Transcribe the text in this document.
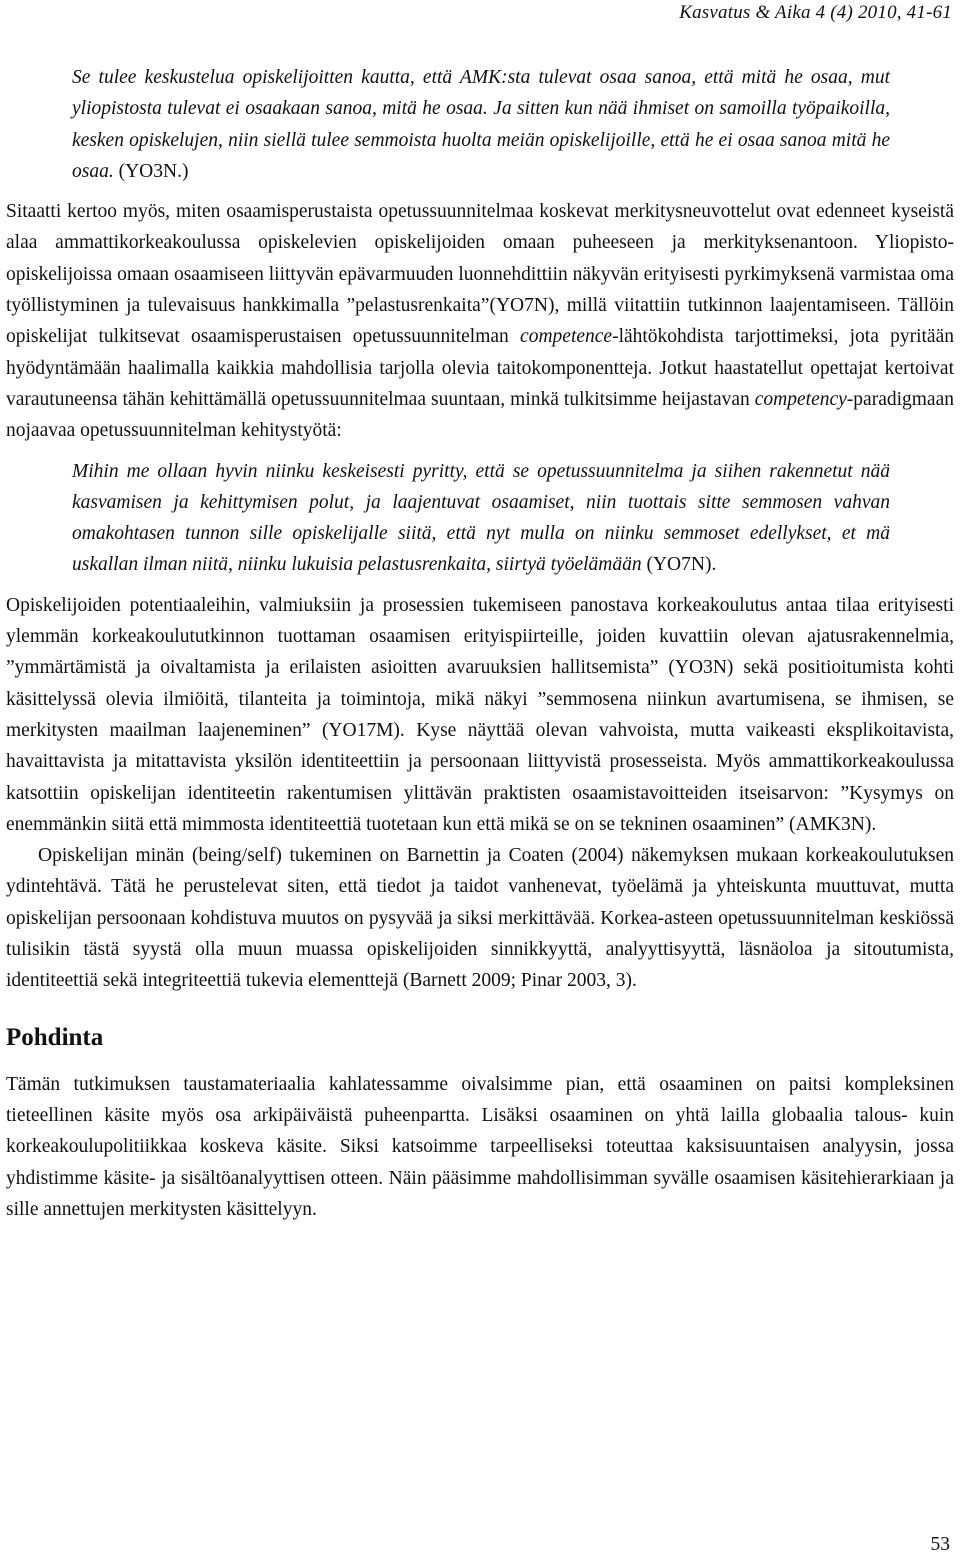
Kasvatus & Aika 4 (4) 2010, 41-61

Se tulee keskustelua opiskelijoitten kautta, että AMK:sta tulevat osaa sanoa, että mitä he osaa, mut yliopistosta tulevat ei osaakaan sanoa, mitä he osaa. Ja sitten kun nää ihmiset on samoilla työpaikoilla, kesken opiskelujen, niin siellä tulee semmoista huolta meiän opiskelijoille, että he ei osaa sanoa mitä he osaa. (YO3N.)

Sitaatti kertoo myös, miten osaamisperustaista opetussuunnitelmaa koskevat merkitysneuvottelut ovat edenneet kyseistä alaa ammattikorkeakoulussa opiskelevien opiskelijoiden omaan puheeseen ja merkityksenantoon. Yliopisto-opiskelijoissa omaan osaamiseen liittyvän epävarmuuden luonnehdittiin näkyvän erityisesti pyrkimyksenä varmistaa oma työllistyminen ja tulevaisuus hankkimalla ”pelastusrenkaita”(YO7N), millä viitattiin tutkinnon laajentamiseen. Tällöin opiskelijat tulkitsevat osaamisperustaisen opetussuunnitelman competence-lähtökohdista tarjottimeksi, jota pyritään hyödyntämään haalimalla kaikkia mahdollisia tarjolla olevia taitokomponentteja. Jotkut haastatellut opettajat kertoivat varautuneensa tähän kehittämällä opetussuunnitelmaa suuntaan, minkä tulkitsimme heijastavan competency-paradigmaan nojaavaa opetussuunnitelman kehitystyötä:

Mihin me ollaan hyvin niinku keskeisesti pyritty, että se opetussuunnitelma ja siihen rakennetut nää kasvamisen ja kehittymisen polut, ja laajentuvat osaamiset, niin tuottais sitte semmosen vahvan omakohtasen tunnon sille opiskelijalle siitä, että nyt mulla on niinku semmoset edellykset, et mä uskallan ilman niitä, niinku lukuisia pelastusrenkaita, siirtyä työelämään (YO7N).

Opiskelijoiden potentiaaleihin, valmiuksiin ja prosessien tukemiseen panostava korkeakoulutus antaa tilaa erityisesti ylemmän korkeakoulututkinnon tuottaman osaamisen erityispiirteille, joiden kuvattiin olevan ajatusrakennelmia, ”ymmärtämistä ja oivaltamista ja erilaisten asioitten avaruuksien hallitsemista” (YO3N) sekä positioitumista kohti käsittelyssä olevia ilmiöitä, tilanteita ja toimintoja, mikä näkyi ”semmosena niinkun avartumisena, se ihmisen, se merkitysten maailman laajeneminen” (YO17M). Kyse näyttää olevan vahvoista, mutta vaikeasti eksplikoitavista, havaittavista ja mitattavista yksilön identiteettiin ja persoonaan liittyvistä prosesseista. Myös ammattikorkeakoulussa katsottiin opiskelijan identiteetin rakentumisen ylittävän praktisten osaamistavoitteiden itseisarvon: ”Kysymys on enemmänkin siitä että mimmosta identiteettiä tuotetaan kun että mikä se on se tekninen osaaminen” (AMK3N).

Opiskelijan minän (being/self) tukeminen on Barnettin ja Coaten (2004) näkemyksen mukaan korkeakoulutuksen ydintehtävä. Tätä he perustelevat siten, että tiedot ja taidot vanhenevat, työelämä ja yhteiskunta muuttuvat, mutta opiskelijan persoonaan kohdistuva muutos on pysyvää ja siksi merkittävää. Korkea-asteen opetussuunnitelman keskiössä tulisikin tästä syystä olla muun muassa opiskelijoiden sinnikkyyttä, analyyttisyyttä, läsnäoloa ja sitoutumista, identiteettiä sekä integriteettiä tukevia elementtejä (Barnett 2009; Pinar 2003, 3).

Pohdinta

Tämän tutkimuksen taustamateriaalia kahlatessamme oivalsimme pian, että osaaminen on paitsi kompleksinen tieteellinen käsite myös osa arkipäiväistä puheenpartta. Lisäksi osaaminen on yhtä lailla globaalia talous- kuin korkeakoulupolitiikkaa koskeva käsite. Siksi katsoimme tarpeelliseksi toteuttaa kaksisuuntaisen analyysin, jossa yhdistimme käsite- ja sisältöanalyyttisen otteen. Näin pääsimme mahdollisimman syvälle osaamisen käsitehierarkiaan ja sille annettujen merkitysten käsittelyyn.

53
